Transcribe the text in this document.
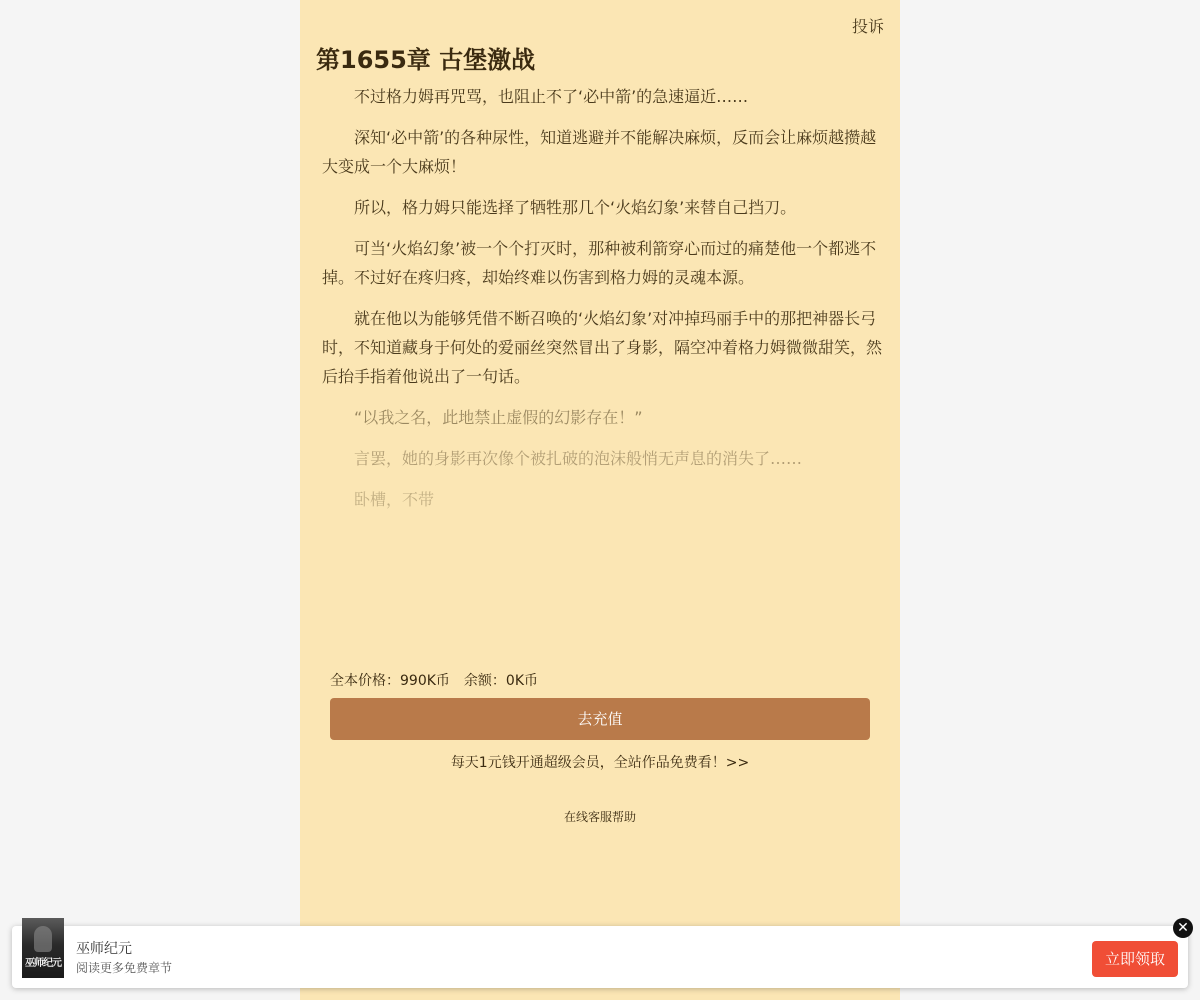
投诉
第1655章 古堡激战

不过格力姆再咒骂，也阻止不了‘必中箭’的急速逼近……

深知‘必中箭’的各种尿性，知道逃避并不能解决麻烦，反而会让麻烦越攒越大变成一个大麻烦！

所以，格力姆只能选择了牺牲那几个‘火焰幻象’来替自己挡刀。

可当‘火焰幻象’被一个个打灭时，那种被利箭穿心而过的痛楚他一个都逃不掉。不过好在疼归疼，却始终难以伤害到格力姆的灵魂本源。

就在他以为能够凭借不断召唤的‘火焰幻象’对冲掉玛丽手中的那把神器长弓时，不知道藏身于何处的爱丽丝突然冒出了身影，隔空冲着格力姆微微甜笑，然后抬手指着他说出了一句话。

“以我之名，此地禁止虚假的幻影存在！”

言罢，她的身影再次像个被扎破的泡沫般悄无声息的消失了……

卧槽，不带

全本价格：990K币 余额：0K币
去充值
每天1元钱开通超级会员，全站作品免费看！>>
在线客服帮助
巫师纪元
巫师纪元
阅读更多免费章节	立即领取
✕
